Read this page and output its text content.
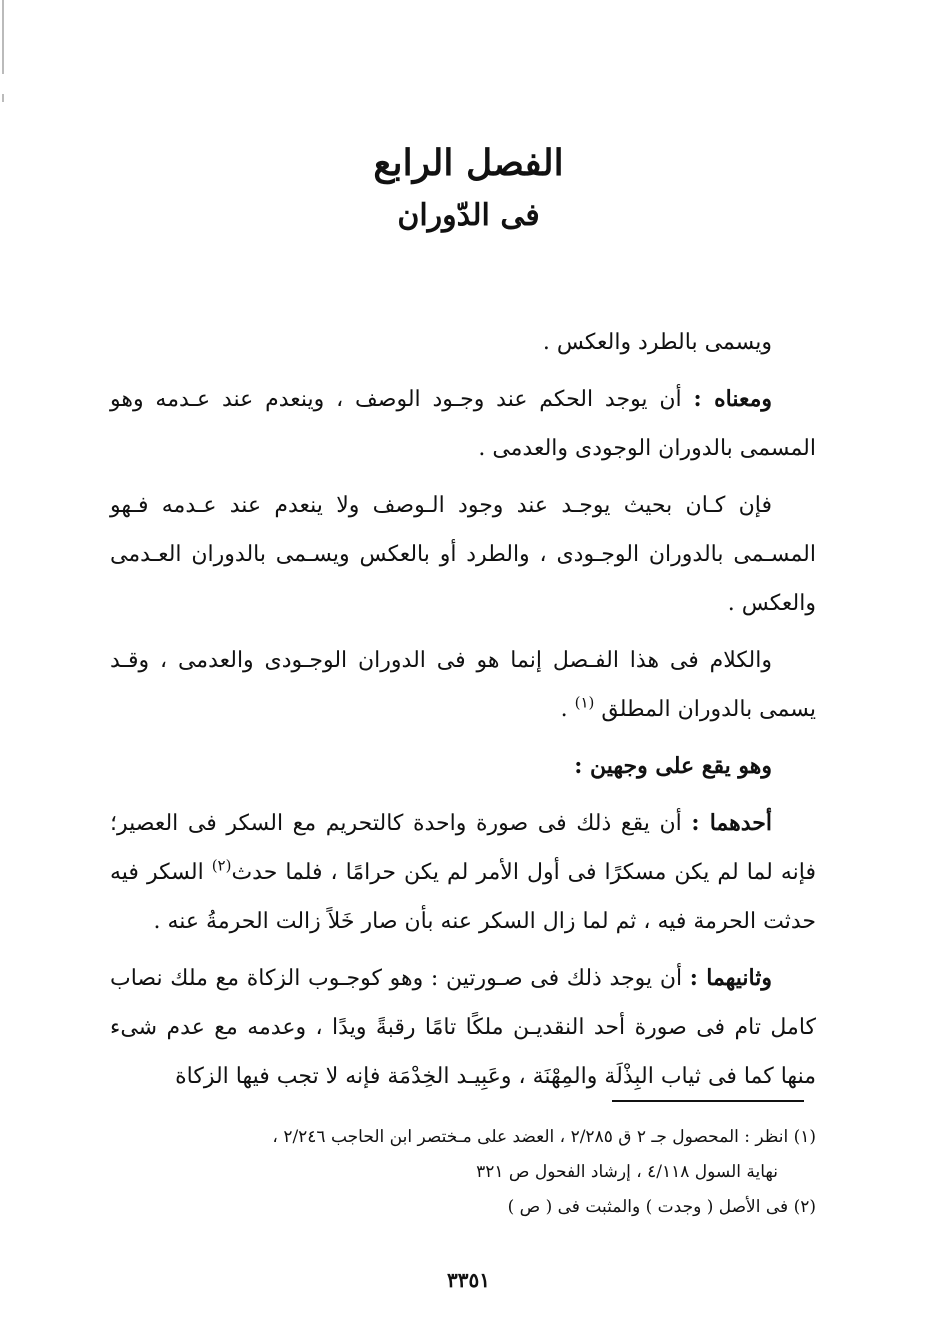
الفصل الرابع
فى الدّوران

ويسمى بالطرد والعكس .

ومعناه : أن يوجد الحكم عند وجـود الوصف ، وينعدم عند عـدمه وهو المسمى بالدوران الوجودى والعدمى .

فإن كـان بحيث يوجـد عند وجود الـوصف ولا ينعدم عند عـدمه فـهو المسـمى بالدوران الوجـودى ، والطرد أو بالعكس ويسـمى بالدوران العـدمى والعكس .

والكلام فى هذا الفـصل إنما هو فى الدوران الوجـودى والعدمى ، وقـد يسمى بالدوران المطلق $^{(١)}$ .

وهو يقع على وجهين :

أحدهما : أن يقع ذلك فى صورة واحدة كالتحريم مع السكر فى العصير؛ فإنه لما لم يكن مسكرًا فى أول الأمر لم يكن حرامًا ، فلما حدث$^{(٢)}$ السكر فيه حدثت الحرمة فيه ، ثم لما زال السكر عنه بأن صار خَلاً زالت الحرمةُ عنه .

وثانيهما : أن يوجد ذلك فى صـورتين : وهو كوجـوب الزكاة مع ملك نصاب كامل تام فى صورة أحد النقديـن ملكًا تامًا رقبةً ويدًا ، وعدمه مع عدم شىء منها كما فى ثياب البِذْلَة والمِهْنَة ، وعَبِيـد الخِدْمَة فإنه لا تجب فيها الزكاة

(١) انظر : المحصول جـ ٢ ق ٢/٢٨٥ ، العضد على مـختصر ابن الحاجب ٢/٢٤٦ ،

نهاية السول ٤/١١٨ ، إرشاد الفحول ص ٣٢١

(٢) فى الأصل ( وجدت ) والمثبت فى ( ص )

٣٣٥١
